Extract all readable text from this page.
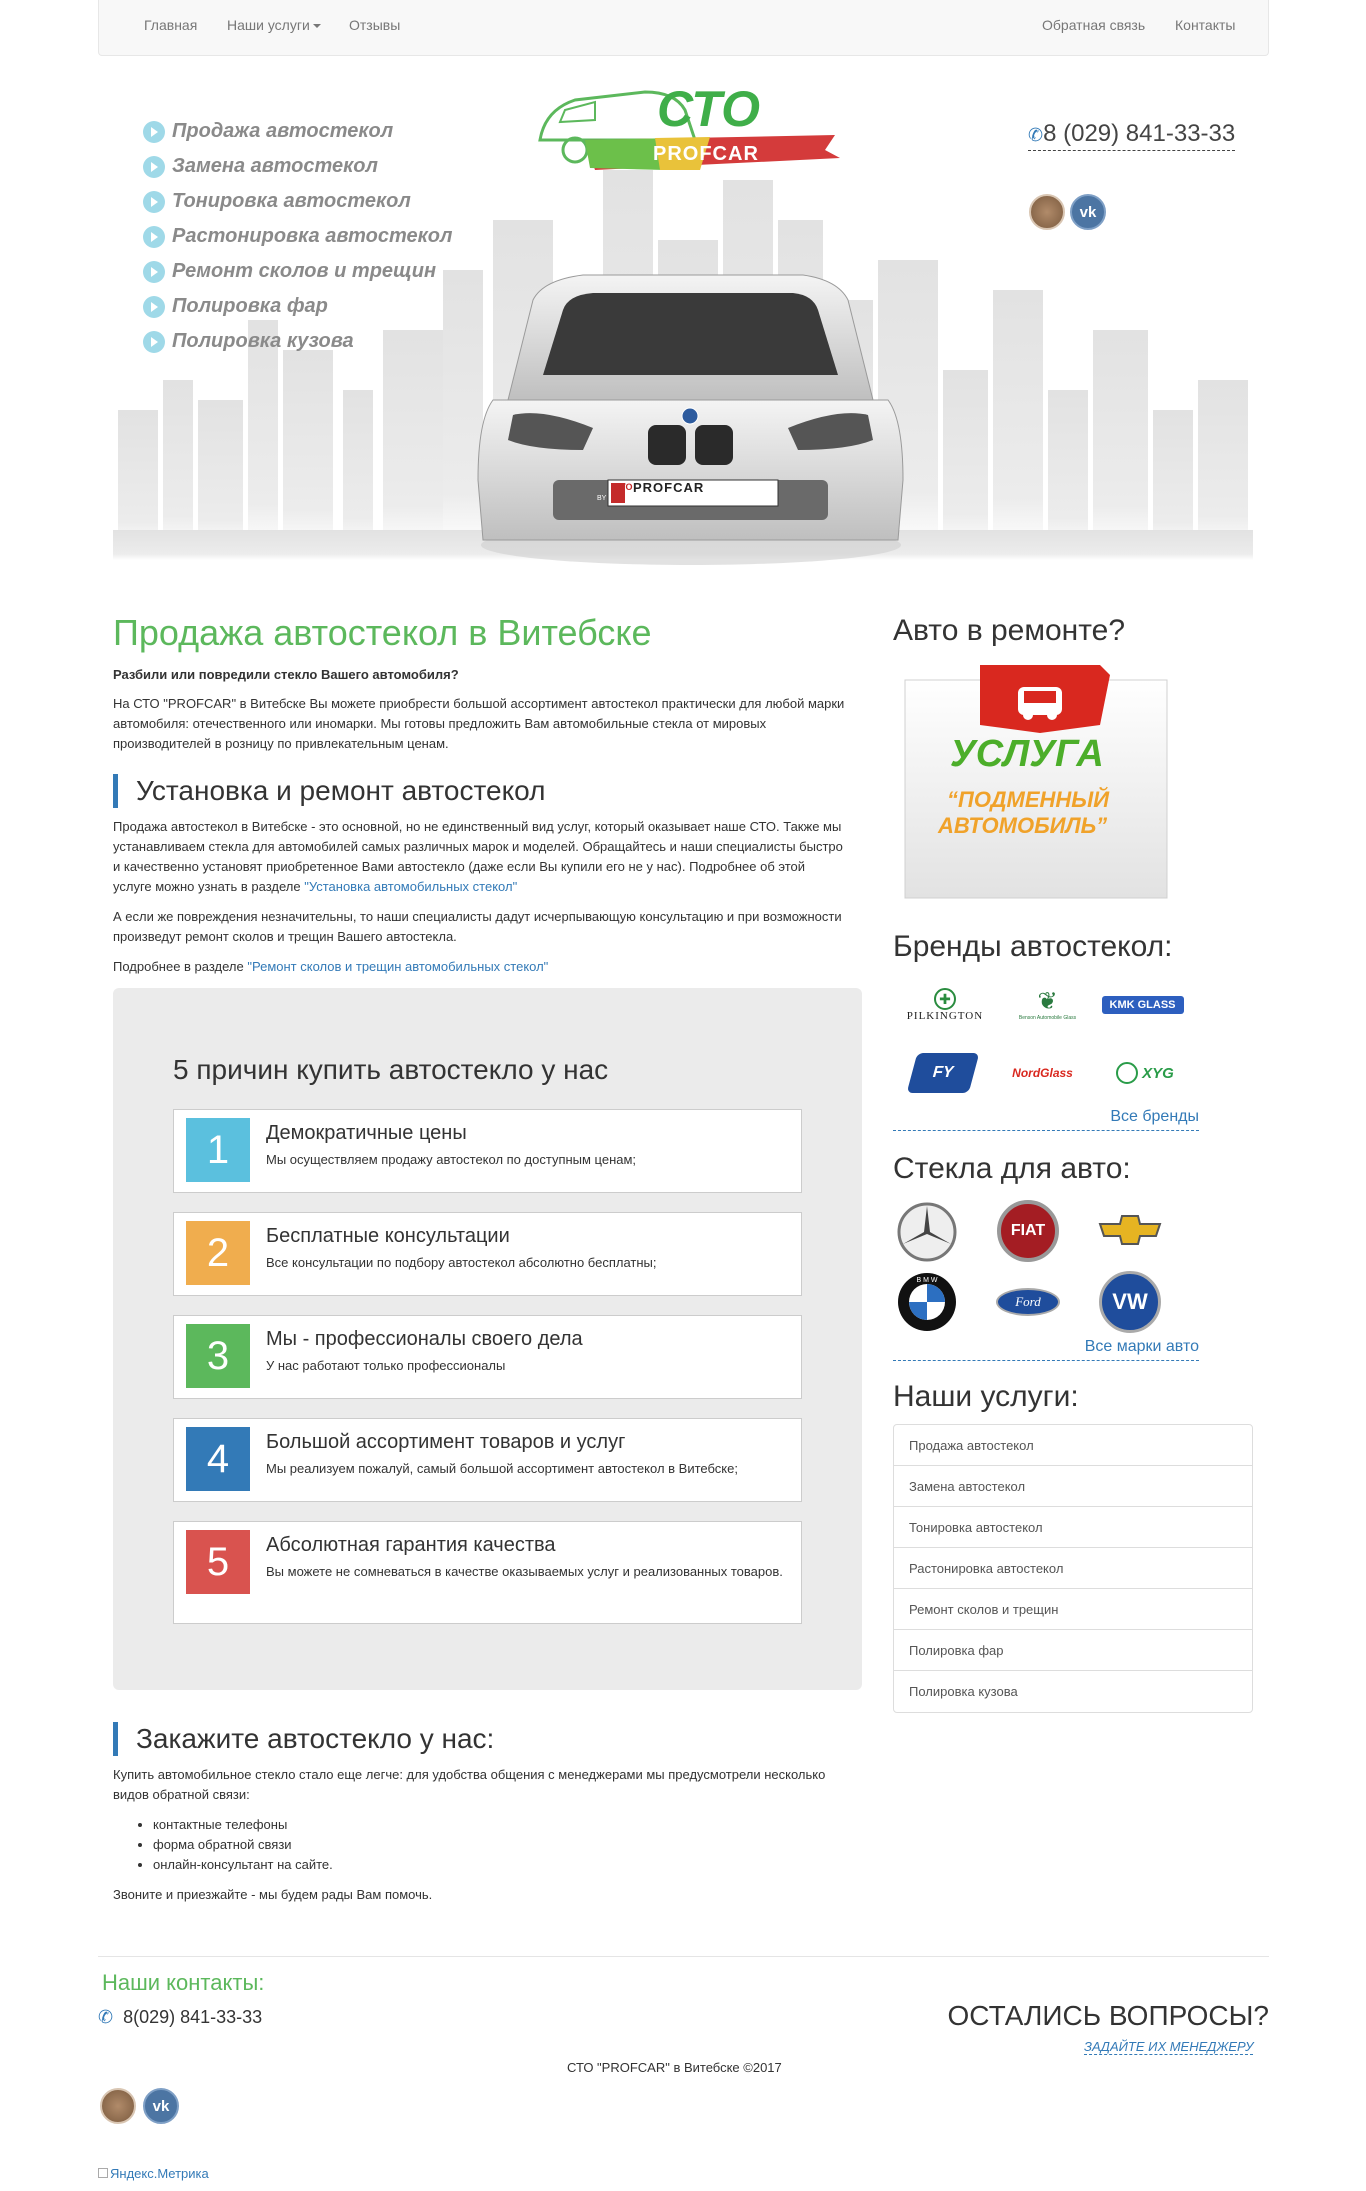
Главная Наши услуги	Отзывы	Обратная связь Контакты
СТО PROFCAR
BY
Продажа автостекол
Замена автостекол
Тонировка автостекол
Растонировка автостекол
Ремонт сколов и трещин
Полировка фар
Полировка кузова
СТО
PROFCAR
✆8 (029) 841-33-33
vk
Продажа автостекол в Витебске
Разбили или повредили стекло Вашего автомобиля?
На СТО "PROFCAR" в Витебске Вы можете приобрести большой ассортимент автостекол практически для любой марки автомобиля: отечественного или иномарки. Мы готовы предложить Вам автомобильные стекла от мировых производителей в розницу по привлекательным ценам.
Установка и ремонт автостекол
Продажа автостекол в Витебске - это основной, но не единственный вид услуг, который оказывает наше СТО. Также мы устанавливаем стекла для автомобилей самых различных марок и моделей. Обращайтесь и наши специалисты быстро и качественно установят приобретенное Вами автостекло (даже если Вы купили его не у нас). Подробнее об этой услуге можно узнать в разделе "Установка автомобильных стекол"
А если же повреждения незначительны, то наши специалисты дадут исчерпывающую консультацию и при возможности произведут ремонт сколов и трещин Вашего автостекла.
Подробнее в разделе "Ремонт сколов и трещин автомобильных стекол"
5 причин купить автостекло у нас
1	Демократичные цены
Мы осуществляем продажу автостекол по доступным ценам;
2	Бесплатные консультации
Все консультации по подбору автостекол абсолютно бесплатны;
3	Мы - профессионалы своего дела
У нас работают только профессионалы
4	Большой ассортимент товаров и услуг
Мы реализуем пожалуй, самый большой ассортимент автостекол в Витебске;
5	Абсолютная гарантия качества
Вы можете не сомневаться в качестве оказываемых услуг и реализованных товаров.
Закажите автостекло у нас:
Купить автомобильное стекло стало еще легче: для удобства общения с менеджерами мы предусмотрели несколько видов обратной связи:
• контактные телефоны
• форма обратной связи
• онлайн-консультант на сайте.
Звоните и приезжайте - мы будем рады Вам помочь.
Авто в ремонте?
УСЛУГА
“ПОДМЕННЫЙ
АВТОМОБИЛЬ”
Бренды автостекол:
✚
PILKINGTON
❦
Benson Automobile Glass
KMK GLASS
FY	NordGlass	XYG
Все бренды
Стекла для авто:
FIAT
B M W
Ford	VW
Все марки авто
Наши услуги:
Продажа автостекол
Замена автостекол
Тонировка автостекол
Растонировка автостекол
Ремонт сколов и трещин
Полировка фар
Полировка кузова
Наши контакты:
✆ 8(029) 841-33-33	ОСТАЛИСЬ ВОПРОСЫ?
ЗАДАЙТЕ ИХ МЕНЕДЖЕРУ
СТО "PROFCAR" в Витебске ©2017
vk
Яндекс.Метрика
